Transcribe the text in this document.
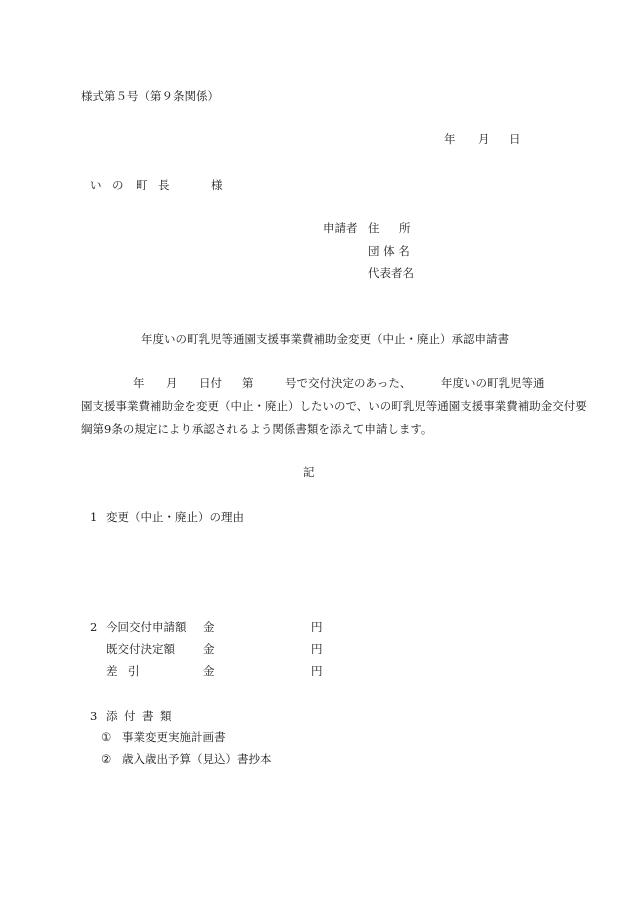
様式第５号（第９条関係）
年 月 日
い の 町 長	様
申請者 住 所
団 体 名
代表者名
年度いの町乳児等通園支援事業費補助金変更（中止・廃止）承認申請書
年 月 日付 第	号で交付決定のあった、	年度いの町乳児等通
園支援事業費補助金を変更（中止・廃止）したいので、いの町乳児等通園支援事業費補助金交付要
綱第9条の規定により承認されるよう関係書類を添えて申請します。
記
1 変更（中止・廃止）の理由
2 今回交付申請額 金	円
既交付決定額 金	円
差 引	金	円
3 添 付 書 類
① 事業変更実施計画書
② 歳入歳出予算（見込）書抄本
